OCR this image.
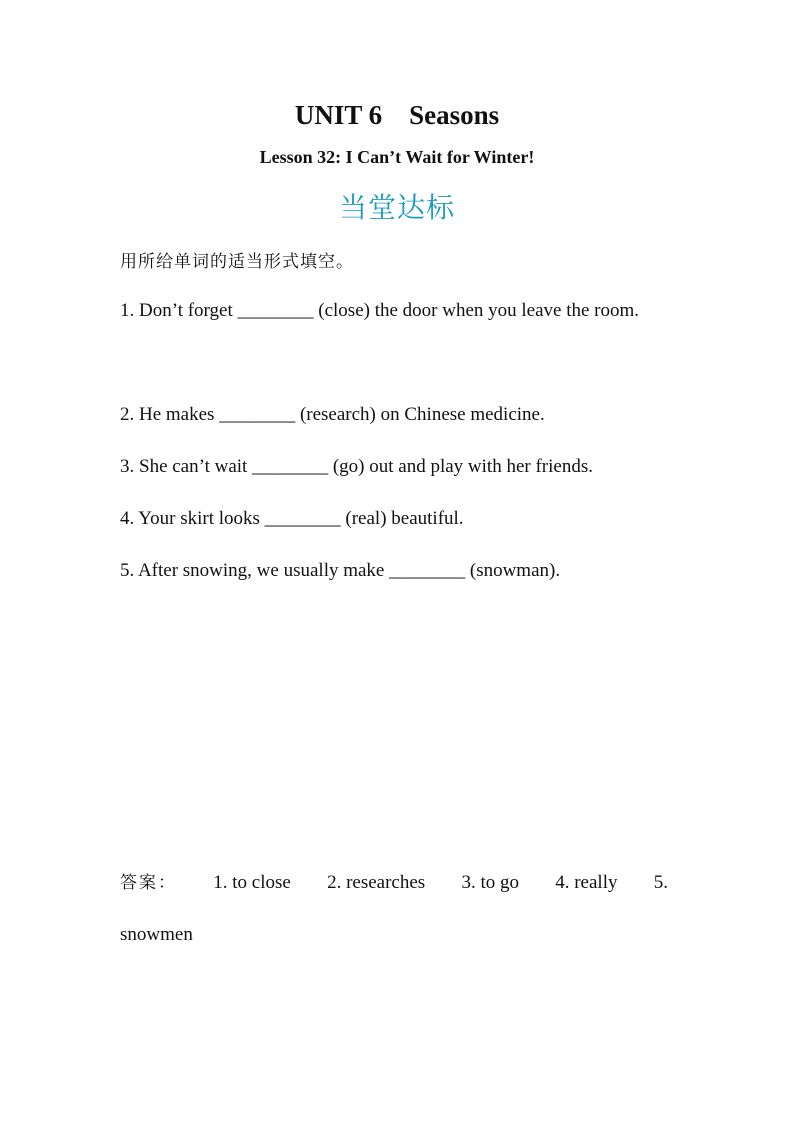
UNIT 6    Seasons
Lesson 32: I Can’t Wait for Winter!
当堂达标
用所给单词的适当形式填空。
1. Don’t forget ________ (close) the door when you leave the room.
2. He makes ________ (research) on Chinese medicine.
3. She can’t wait ________ (go) out and play with her friends.
4. Your skirt looks ________ (real) beautiful.
5. After snowing, we usually make ________ (snowman).
答案： 1. to close 2. researches 3. to go 4. really 5.
snowmen
